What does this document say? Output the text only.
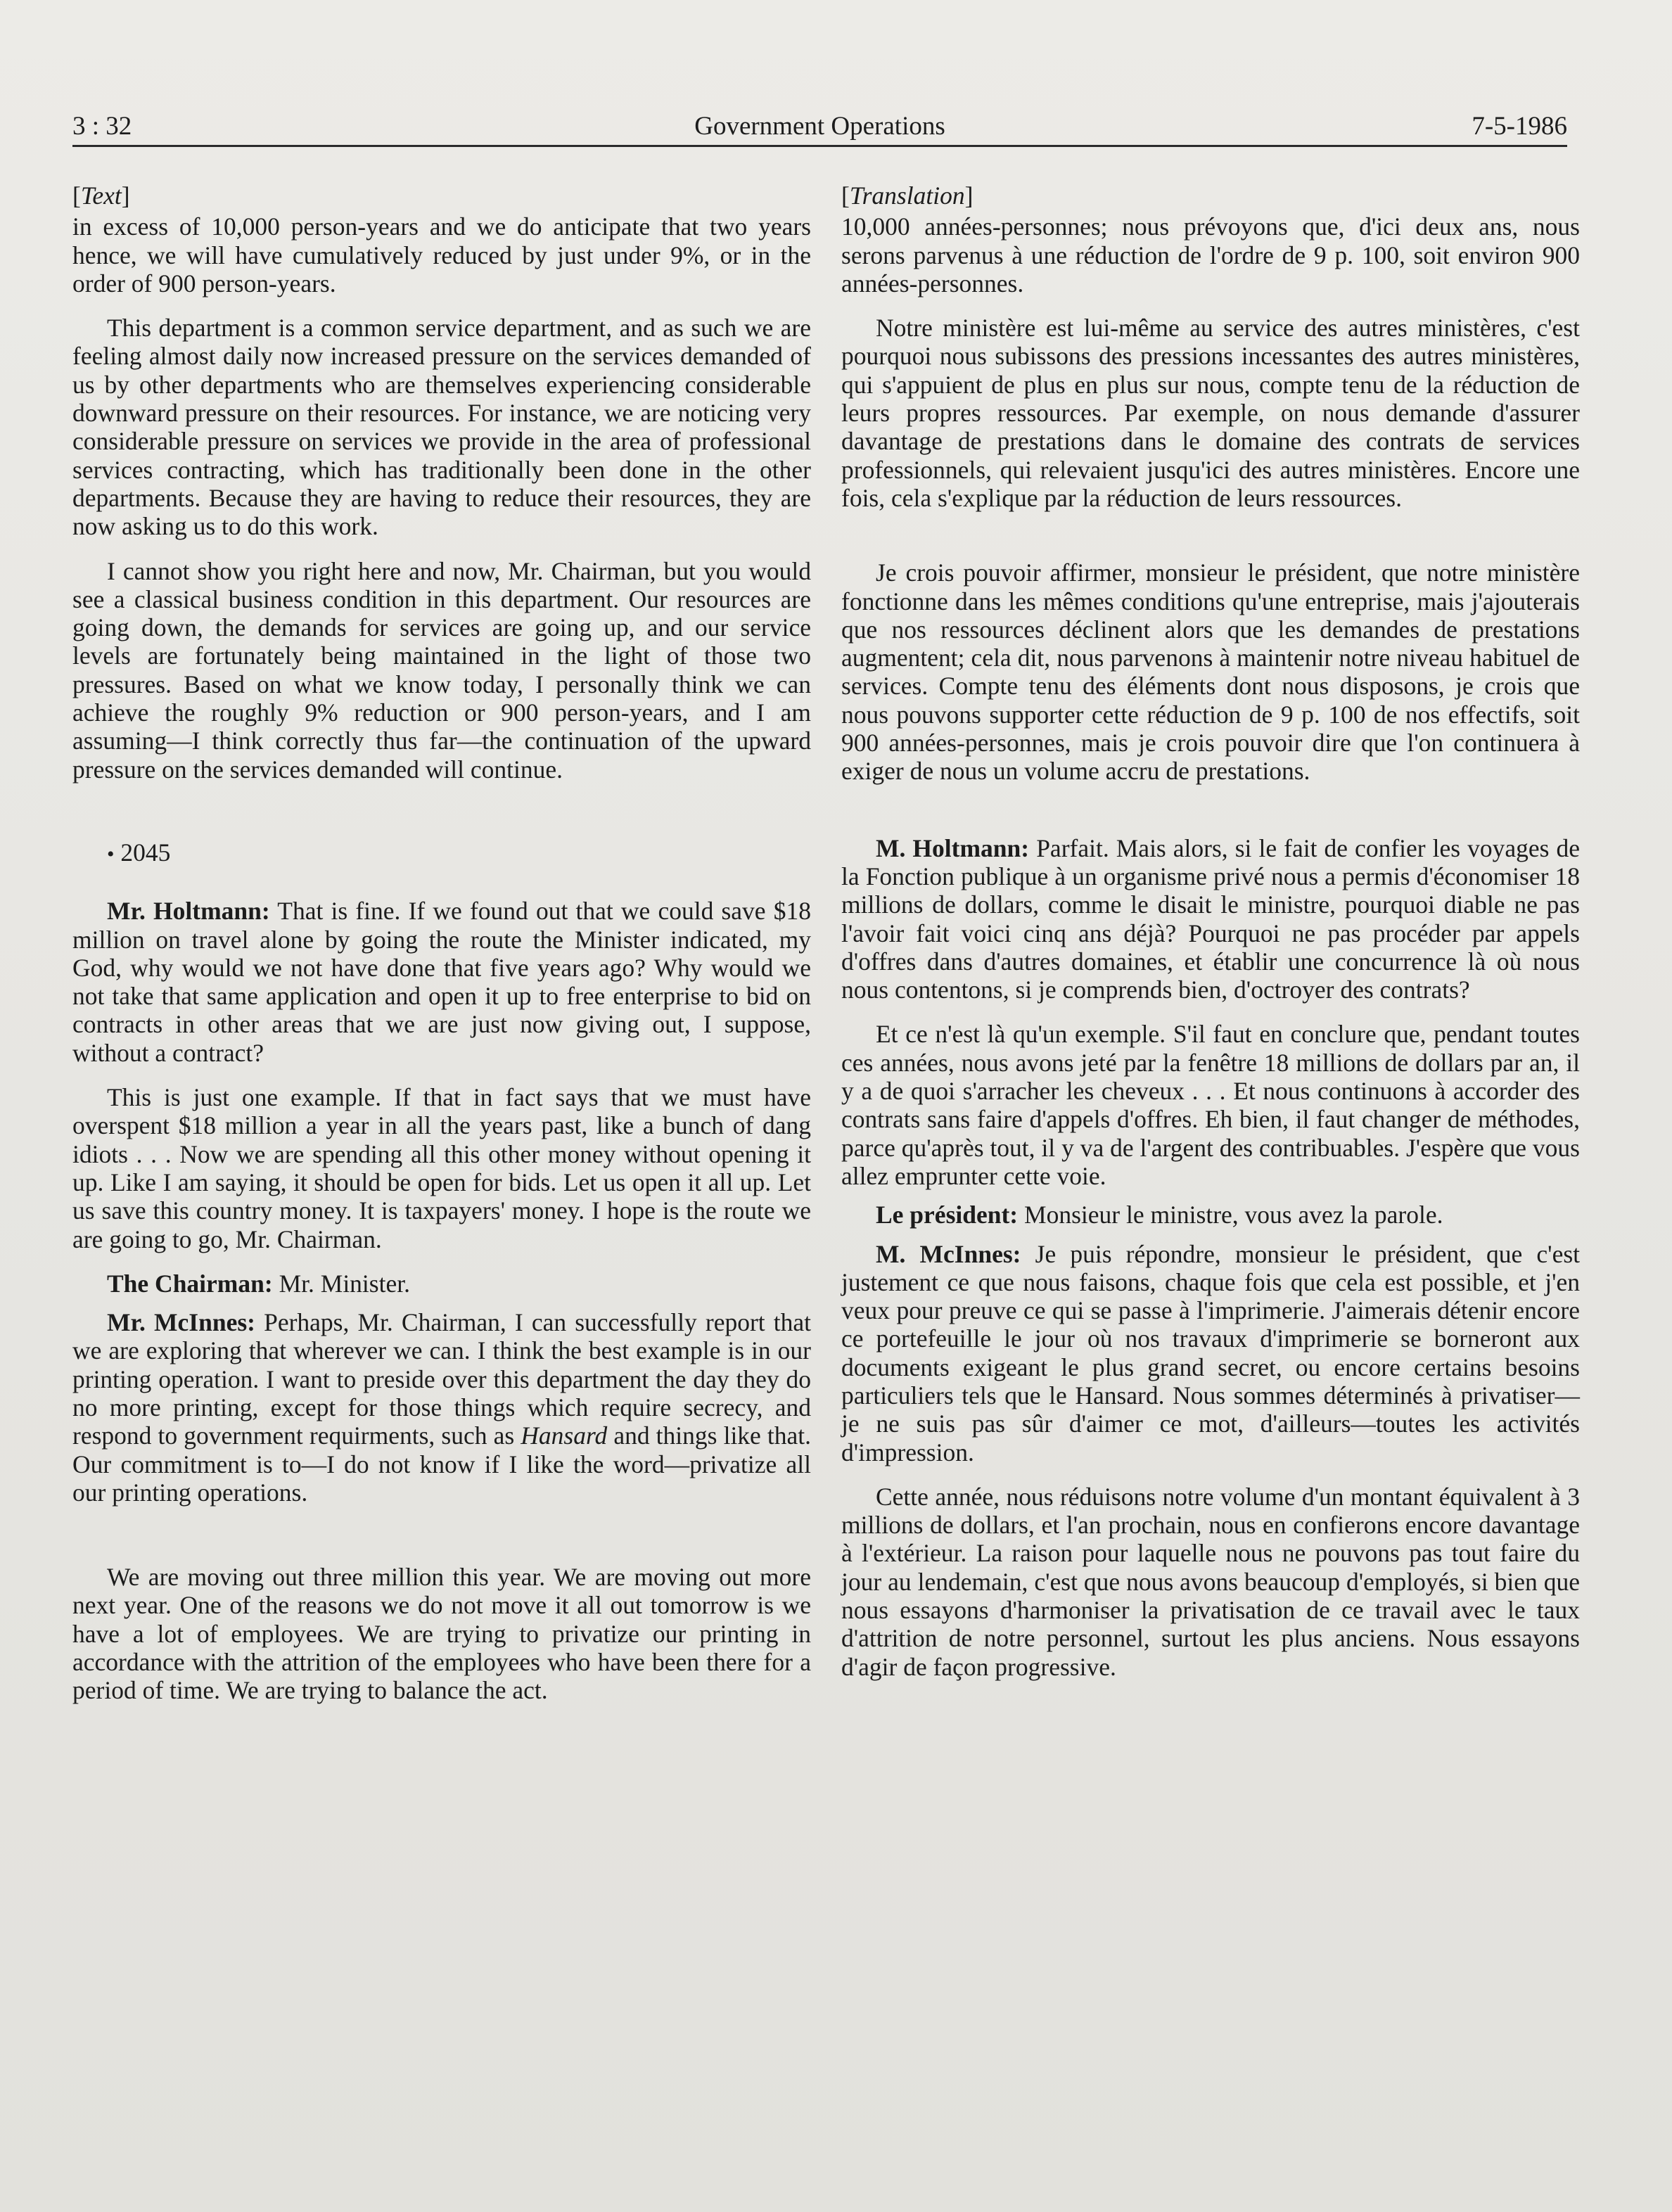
Government Operations
3 : 32	7-5-1986
[Text]

in excess of 10,000 person-years and we do anticipate that two years hence, we will have cumulatively reduced by just under 9%, or in the order of 900 person-years.

This department is a common service department, and as such we are feeling almost daily now increased pressure on the services demanded of us by other departments who are themselves experiencing considerable downward pressure on their resources. For instance, we are noticing very considerable pressure on services we provide in the area of professional services contracting, which has traditionally been done in the other departments. Because they are having to reduce their resources, they are now asking us to do this work.

I cannot show you right here and now, Mr. Chairman, but you would see a classical business condition in this department. Our resources are going down, the demands for services are going up, and our service levels are fortunately being maintained in the light of those two pressures. Based on what we know today, I personally think we can achieve the roughly 9% reduction or 900 person-years, and I am assuming—I think correctly thus far—the continuation of the upward pressure on the services demanded will continue.

• 2045

Mr. Holtmann: That is fine. If we found out that we could save $18 million on travel alone by going the route the Minister indicated, my God, why would we not have done that five years ago? Why would we not take that same application and open it up to free enterprise to bid on contracts in other areas that we are just now giving out, I suppose, without a contract?

This is just one example. If that in fact says that we must have overspent $18 million a year in all the years past, like a bunch of dang idiots . . . Now we are spending all this other money without opening it up. Like I am saying, it should be open for bids. Let us open it all up. Let us save this country money. It is taxpayers' money. I hope is the route we are going to go, Mr. Chairman.

The Chairman: Mr. Minister.

Mr. McInnes: Perhaps, Mr. Chairman, I can successfully report that we are exploring that wherever we can. I think the best example is in our printing operation. I want to preside over this department the day they do no more printing, except for those things which require secrecy, and respond to government requirments, such as Hansard and things like that. Our commitment is to—I do not know if I like the word—privatize all our printing operations.

We are moving out three million this year. We are moving out more next year. One of the reasons we do not move it all out tomorrow is we have a lot of employees. We are trying to privatize our printing in accordance with the attrition of the employees who have been there for a period of time. We are trying to balance the act.

[Translation]

10,000 années-personnes; nous prévoyons que, d'ici deux ans, nous serons parvenus à une réduction de l'ordre de 9 p. 100, soit environ 900 années-personnes.

Notre ministère est lui-même au service des autres ministères, c'est pourquoi nous subissons des pressions incessantes des autres ministères, qui s'appuient de plus en plus sur nous, compte tenu de la réduction de leurs propres ressources. Par exemple, on nous demande d'assurer davantage de prestations dans le domaine des contrats de services professionnels, qui relevaient jusqu'ici des autres ministères. Encore une fois, cela s'explique par la réduction de leurs ressources.

Je crois pouvoir affirmer, monsieur le président, que notre ministère fonctionne dans les mêmes conditions qu'une entreprise, mais j'ajouterais que nos ressources déclinent alors que les demandes de prestations augmentent; cela dit, nous parvenons à maintenir notre niveau habituel de services. Compte tenu des éléments dont nous disposons, je crois que nous pouvons supporter cette réduction de 9 p. 100 de nos effectifs, soit 900 années-personnes, mais je crois pouvoir dire que l'on continuera à exiger de nous un volume accru de prestations.

M. Holtmann: Parfait. Mais alors, si le fait de confier les voyages de la Fonction publique à un organisme privé nous a permis d'économiser 18 millions de dollars, comme le disait le ministre, pourquoi diable ne pas l'avoir fait voici cinq ans déjà? Pourquoi ne pas procéder par appels d'offres dans d'autres domaines, et établir une concurrence là où nous nous contentons, si je comprends bien, d'octroyer des contrats?

Et ce n'est là qu'un exemple. S'il faut en conclure que, pendant toutes ces années, nous avons jeté par la fenêtre 18 millions de dollars par an, il y a de quoi s'arracher les cheveux . . . Et nous continuons à accorder des contrats sans faire d'appels d'offres. Eh bien, il faut changer de méthodes, parce qu'après tout, il y va de l'argent des contribuables. J'espère que vous allez emprunter cette voie.

Le président: Monsieur le ministre, vous avez la parole.

M. McInnes: Je puis répondre, monsieur le président, que c'est justement ce que nous faisons, chaque fois que cela est possible, et j'en veux pour preuve ce qui se passe à l'imprimerie. J'aimerais détenir encore ce portefeuille le jour où nos travaux d'imprimerie se borneront aux documents exigeant le plus grand secret, ou encore certains besoins particuliers tels que le Hansard. Nous sommes déterminés à privatiser—je ne suis pas sûr d'aimer ce mot, d'ailleurs—toutes les activités d'impression.

Cette année, nous réduisons notre volume d'un montant équivalent à 3 millions de dollars, et l'an prochain, nous en confierons encore davantage à l'extérieur. La raison pour laquelle nous ne pouvons pas tout faire du jour au lendemain, c'est que nous avons beaucoup d'employés, si bien que nous essayons d'harmoniser la privatisation de ce travail avec le taux d'attrition de notre personnel, surtout les plus anciens. Nous essayons d'agir de façon progressive.
